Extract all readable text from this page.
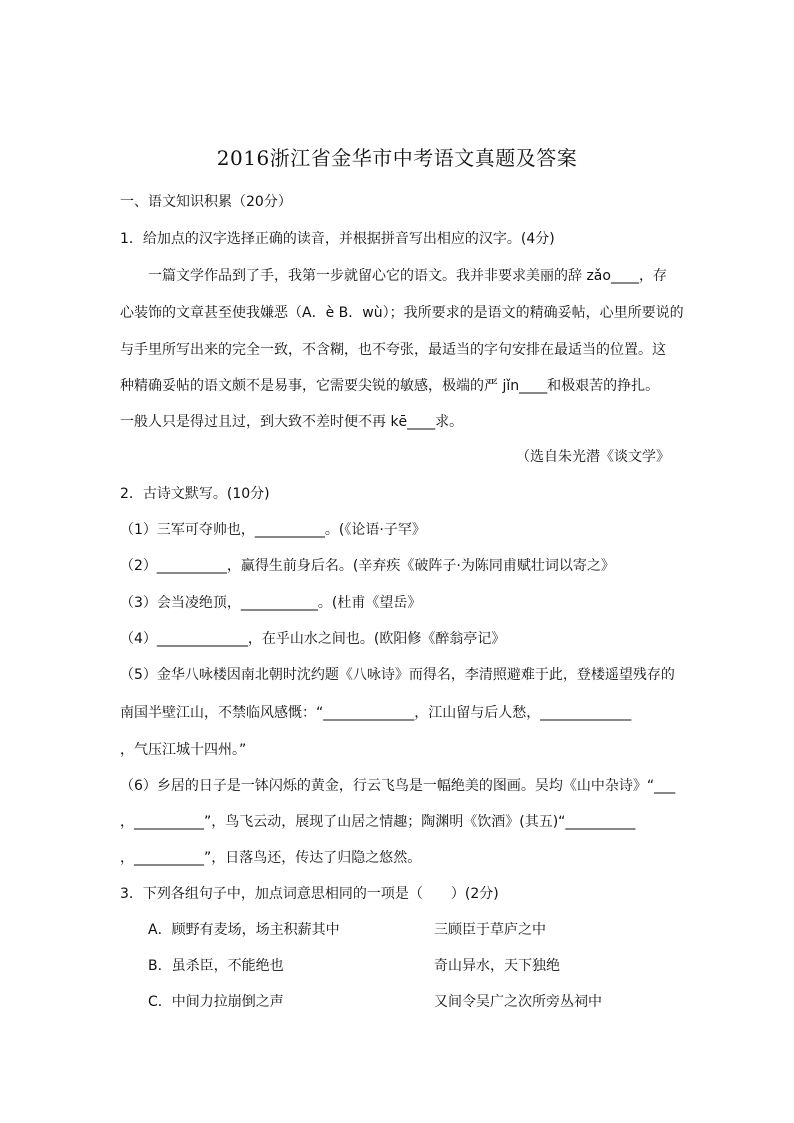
2016浙江省金华市中考语文真题及答案
一、语文知识积累（20分）
1．给加点的汉字选择正确的读音，并根据拼音写出相应的汉字。(4分)
一篇文学作品到了手，我第一步就留心它的语文。我并非要求美丽的辞 zǎo____，存
心装饰的文章甚至使我嫌恶（A．è B．wù）；我所要求的是语文的精确妥帖，心里所要说的
与手里所写出来的完全一致，不含糊，也不夸张，最适当的字句安排在最适当的位置。这
种精确妥帖的语文颇不是易事，它需要尖锐的敏感，极端的严 jǐn____和极艰苦的挣扎。
一般人只是得过且过，到大致不差时便不再 kē____求。
（选自朱光潜《谈文学》
2．古诗文默写。(10分)
（1）三军可夺帅也，__________。(《论语·子罕》
（2）__________，赢得生前身后名。(辛弃疾《破阵子·为陈同甫赋壮词以寄之》
（3）会当凌绝顶，___________。(杜甫《望岳》
（4）_____________，在乎山水之间也。(欧阳修《醉翁亭记》
（5）金华八咏楼因南北朝时沈约题《八咏诗》而得名，李清照避难于此，登楼遥望残存的
南国半壁江山，不禁临风感慨：“_____________，江山留与后人愁，_____________
，气压江城十四州。”
（6）乡居的日子是一钵闪烁的黄金，行云飞鸟是一幅绝美的图画。吴均《山中杂诗》“___
，__________”，鸟飞云动，展现了山居之情趣；陶渊明《饮酒》(其五)“__________
，__________”，日落鸟还，传达了归隐之悠然。
3．下列各组句子中，加点词意思相同的一项是（　　）(2分)
A．顾野有麦场，场主积薪其中	三顾臣于草庐之中
B．虽杀臣，不能绝也	奇山异水，天下独绝
C．中间力拉崩倒之声	又间令吴广之次所旁丛祠中
